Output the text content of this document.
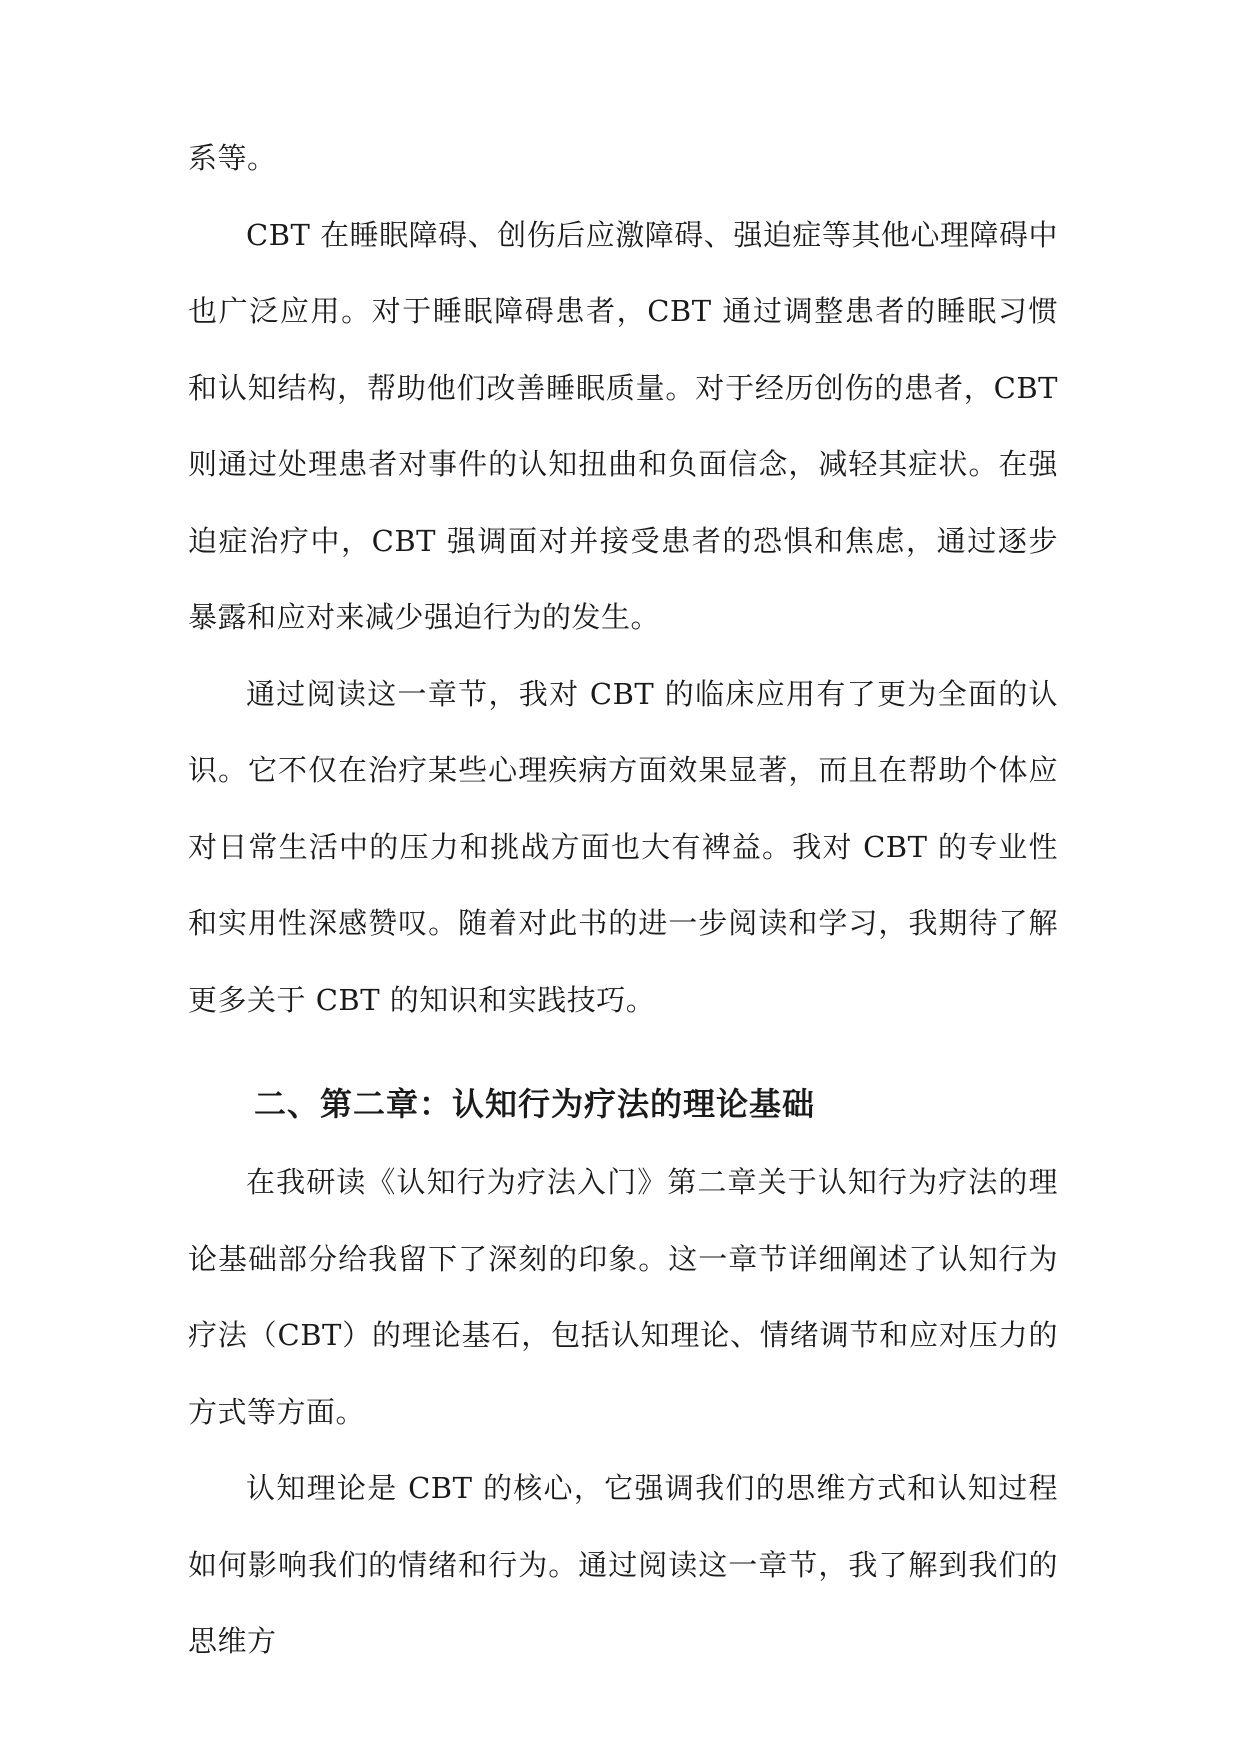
系等。

CBT 在睡眠障碍、创伤后应激障碍、强迫症等其他心理障碍中也广泛应用。对于睡眠障碍患者，CBT 通过调整患者的睡眠习惯和认知结构，帮助他们改善睡眠质量。对于经历创伤的患者，CBT 则通过处理患者对事件的认知扭曲和负面信念，减轻其症状。在强迫症治疗中，CBT 强调面对并接受患者的恐惧和焦虑，通过逐步暴露和应对来减少强迫行为的发生。

通过阅读这一章节，我对 CBT 的临床应用有了更为全面的认识。它不仅在治疗某些心理疾病方面效果显著，而且在帮助个体应对日常生活中的压力和挑战方面也大有裨益。我对 CBT 的专业性和实用性深感赞叹。随着对此书的进一步阅读和学习，我期待了解更多关于 CBT 的知识和实践技巧。

二、第二章：认知行为疗法的理论基础

在我研读《认知行为疗法入门》第二章关于认知行为疗法的理论基础部分给我留下了深刻的印象。这一章节详细阐述了认知行为疗法（CBT）的理论基石，包括认知理论、情绪调节和应对压力的方式等方面。

认知理论是 CBT 的核心，它强调我们的思维方式和认知过程如何影响我们的情绪和行为。通过阅读这一章节，我了解到我们的思维方
